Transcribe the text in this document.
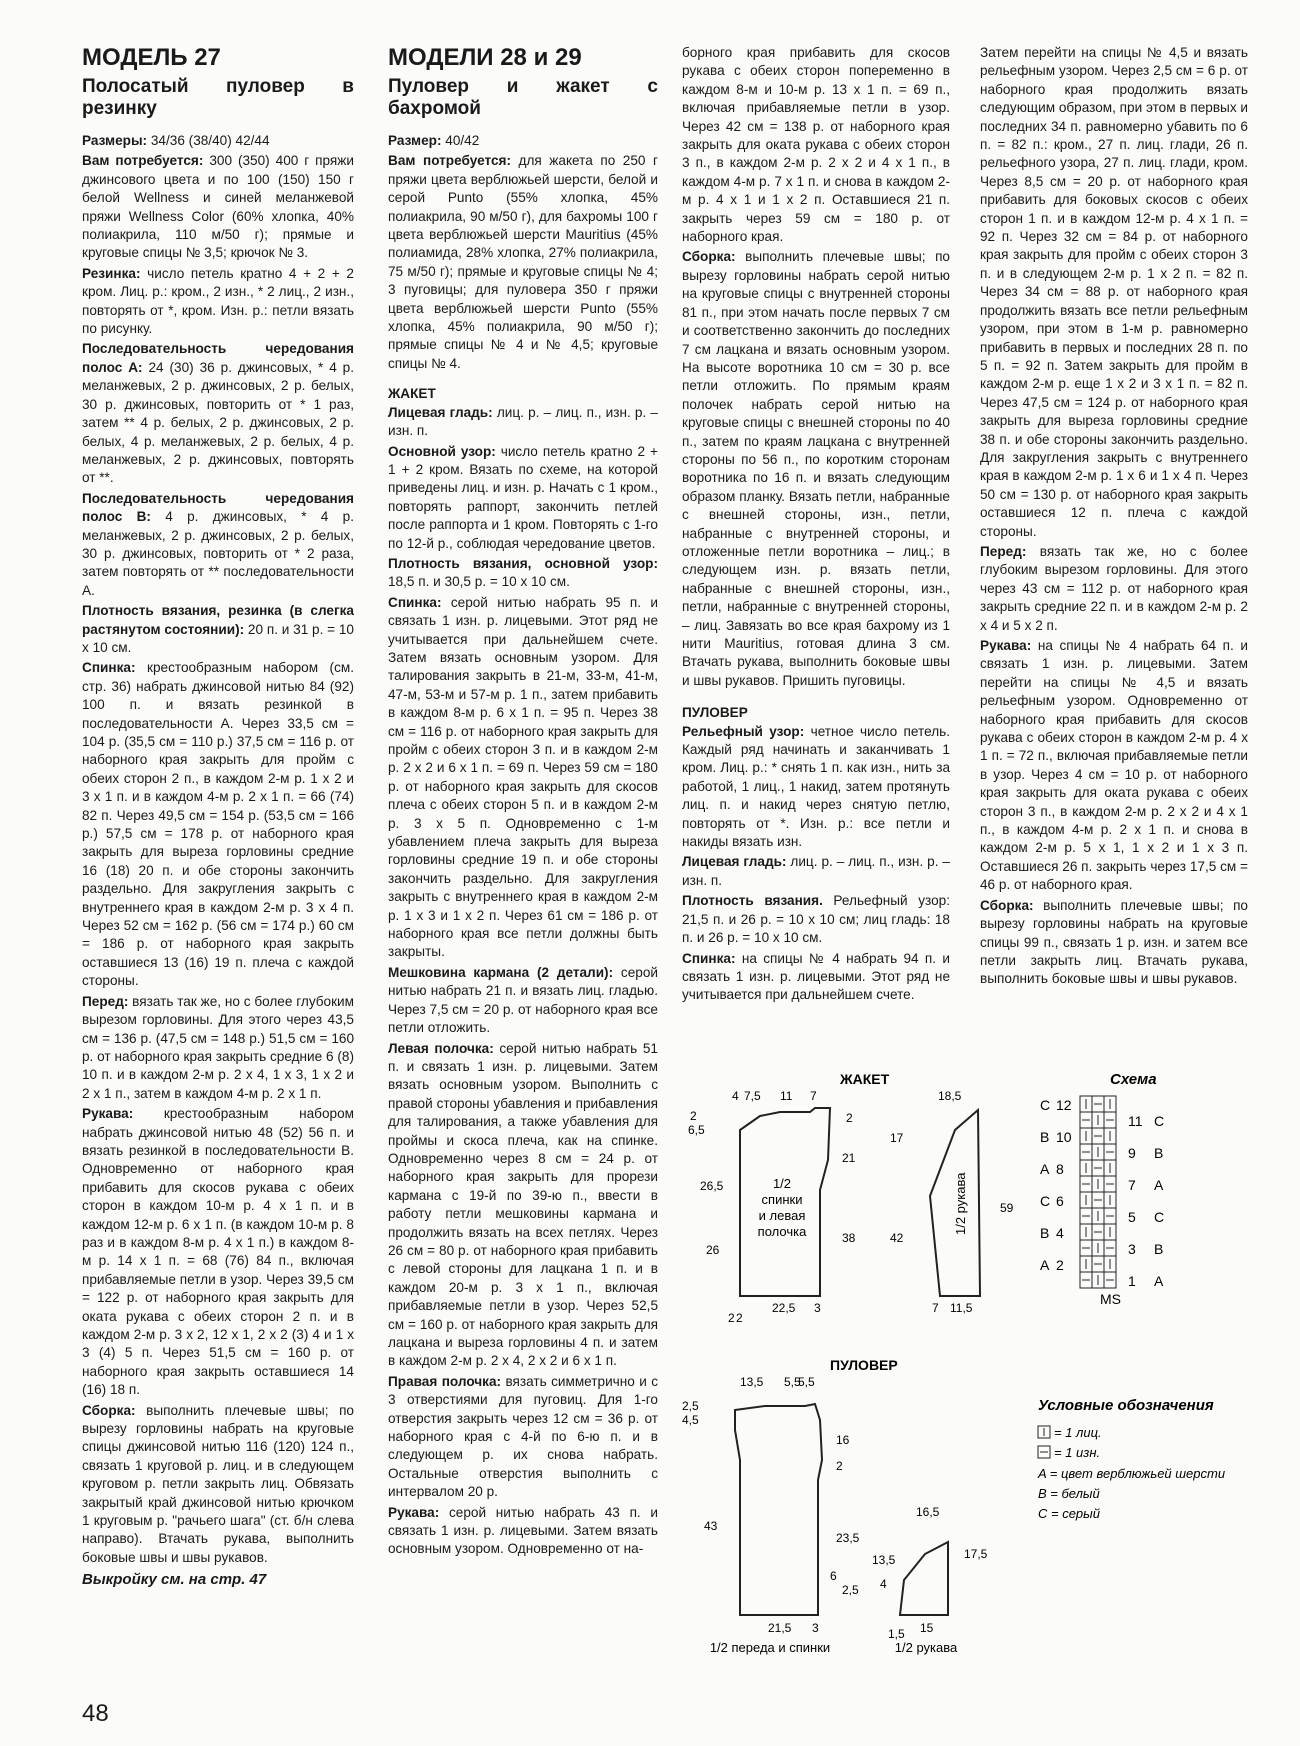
МОДЕЛЬ 27
Полосатый пуловер в резинку

Размеры: 34/36 (38/40) 42/44

Вам потребуется: 300 (350) 400 г пряжи джинсового цвета и по 100 (150) 150 г белой Wellness и синей меланжевой пряжи Wellness Color (60% хлопка, 40% полиакрила, 110 м/50 г); прямые и круговые спицы № 3,5; крючок № 3.

Резинка: число петель кратно 4 + 2 + 2 кром. Лиц. р.: кром., 2 изн., * 2 лиц., 2 изн., повторять от *, кром. Изн. р.: петли вязать по рисунку.

Последовательность чередования полос А: 24 (30) 36 р. джинсовых, * 4 р. меланжевых, 2 р. джинсовых, 2 р. белых, 30 р. джинсовых, повторить от * 1 раз, затем ** 4 р. белых, 2 р. джинсовых, 2 р. белых, 4 р. меланжевых, 2 р. белых, 4 р. меланжевых, 2 р. джинсовых, повторять от **.

Последовательность чередования полос В: 4 р. джинсовых, * 4 р. меланжевых, 2 р. джинсовых, 2 р. белых, 30 р. джинсовых, повторить от * 2 раза, затем повторять от ** последовательности А.

Плотность вязания, резинка (в слегка растянутом состоянии): 20 п. и 31 р. = 10 х 10 см.

Спинка: крестообразным набором (см. стр. 36) набрать джинсовой нитью 84 (92) 100 п. и вязать резинкой в последовательности А. Через 33,5 см = 104 р. (35,5 см = 110 р.) 37,5 см = 116 р. от наборного края закрыть для пройм с обеих сторон 2 п., в каждом 2-м р. 1 х 2 и 3 х 1 п. и в каждом 4-м р. 2 х 1 п. = 66 (74) 82 п. Через 49,5 см = 154 р. (53,5 см = 166 р.) 57,5 см = 178 р. от наборного края закрыть для выреза горловины средние 16 (18) 20 п. и обе стороны закончить раздельно. Для закругления закрыть с внутреннего края в каждом 2-м р. 3 х 4 п. Через 52 см = 162 р. (56 см = 174 р.) 60 см = 186 р. от наборного края закрыть оставшиеся 13 (16) 19 п. плеча с каждой стороны.

Перед: вязать так же, но с более глубоким вырезом горловины. Для этого через 43,5 см = 136 р. (47,5 см = 148 р.) 51,5 см = 160 р. от наборного края закрыть средние 6 (8) 10 п. и в каждом 2-м р. 2 х 4, 1 х 3, 1 х 2 и 2 х 1 п., затем в каждом 4-м р. 2 х 1 п.

Рукава: крестообразным набором набрать джинсовой нитью 48 (52) 56 п. и вязать резинкой в последовательности В. Одновременно от наборного края прибавить для скосов рукава с обеих сторон в каждом 10-м р. 4 х 1 п. и в каждом 12-м р. 6 х 1 п. (в каждом 10-м р. 8 раз и в каждом 8-м р. 4 х 1 п.) в каждом 8-м р. 14 х 1 п. = 68 (76) 84 п., включая прибавляемые петли в узор. Через 39,5 см = 122 р. от наборного края закрыть для оката рукава с обеих сторон 2 п. и в каждом 2-м р. 3 х 2, 12 х 1, 2 х 2 (3) 4 и 1 х 3 (4) 5 п. Через 51,5 см = 160 р. от наборного края закрыть оставшиеся 14 (16) 18 п.

Сборка: выполнить плечевые швы; по вырезу горловины набрать на круговые спицы джинсовой нитью 116 (120) 124 п., связать 1 круговой р. лиц. и в следующем круговом р. петли закрыть лиц. Обвязать закрытый край джинсовой нитью крючком 1 круговым р. "рачьего шага" (ст. б/н слева направо). Втачать рукава, выполнить боковые швы и швы рукавов.

Выкройку см. на стр. 47
МОДЕЛИ 28 и 29
Пуловер и жакет с бахромой

Размер: 40/42

Вам потребуется: для жакета по 250 г пряжи цвета верблюжьей шерсти, белой и серой Punto (55% хлопка, 45% полиакрила, 90 м/50 г), для бахромы 100 г цвета верблюжьей шерсти Mauritius (45% полиамида, 28% хлопка, 27% полиакрила, 75 м/50 г); прямые и круговые спицы № 4; 3 пуговицы; для пуловера 350 г пряжи цвета верблюжьей шерсти Punto (55% хлопка, 45% полиакрила, 90 м/50 г); прямые спицы № 4 и № 4,5; круговые спицы № 4.

ЖАКЕТ

Лицевая гладь: лиц. р. – лиц. п., изн. р. – изн. п.

Основной узор: число петель кратно 2 + 1 + 2 кром. Вязать по схеме, на которой приведены лиц. и изн. р. Начать с 1 кром., повторять раппорт, закончить петлей после раппорта и 1 кром. Повторять с 1-го по 12-й р., соблюдая чередование цветов.

Плотность вязания, основной узор: 18,5 п. и 30,5 р. = 10 х 10 см.

Спинка: серой нитью набрать 95 п. и связать 1 изн. р. лицевыми. Этот ряд не учитывается при дальнейшем счете. Затем вязать основным узором. Для талирования закрыть в 21-м, 33-м, 41-м, 47-м, 53-м и 57-м р. 1 п., затем прибавить в каждом 8-м р. 6 х 1 п. = 95 п. Через 38 см = 116 р. от наборного края закрыть для пройм с обеих сторон 3 п. и в каждом 2-м р. 2 х 2 и 6 х 1 п. = 69 п. Через 59 см = 180 р. от наборного края закрыть для скосов плеча с обеих сторон 5 п. и в каждом 2-м р. 3 х 5 п. Одновременно с 1-м убавлением плеча закрыть для выреза горловины средние 19 п. и обе стороны закончить раздельно. Для закругления закрыть с внутреннего края в каждом 2-м р. 1 х 3 и 1 х 2 п. Через 61 см = 186 р. от наборного края все петли должны быть закрыты.

Мешковина кармана (2 детали): серой нитью набрать 21 п. и вязать лиц. гладью. Через 7,5 см = 20 р. от наборного края все петли отложить.

Левая полочка: серой нитью набрать 51 п. и связать 1 изн. р. лицевыми. Затем вязать основным узором. Выполнить с правой стороны убавления и прибавления для талирования, а также убавления для проймы и скоса плеча, как на спинке. Одновременно через 8 см = 24 р. от наборного края закрыть для прорези кармана с 19-й по 39-ю п., ввести в работу петли мешковины кармана и продолжить вязать на всех петлях. Через 26 см = 80 р. от наборного края прибавить с левой стороны для лацкана 1 п. и в каждом 20-м р. 3 х 1 п., включая прибавляемые петли в узор. Через 52,5 см = 160 р. от наборного края закрыть для лацкана и выреза горловины 4 п. и затем в каждом 2-м р. 2 х 4, 2 х 2 и 6 х 1 п.

Правая полочка: вязать симметрично и с 3 отверстиями для пуговиц. Для 1-го отверстия закрыть через 12 см = 36 р. от наборного края с 4-й по 6-ю п. и в следующем р. их снова набрать. Остальные отверстия выполнить с интервалом 20 р.

Рукава: серой нитью набрать 43 п. и связать 1 изн. р. лицевыми. Затем вязать основным узором. Одновременно от на-

борного края прибавить для скосов рукава с обеих сторон попеременно в каждом 8-м и 10-м р. 13 х 1 п. = 69 п., включая прибавляемые петли в узор. Через 42 см = 138 р. от наборного края закрыть для оката рукава с обеих сторон 3 п., в каждом 2-м р. 2 х 2 и 4 х 1 п., в каждом 4-м р. 7 х 1 п. и снова в каждом 2-м р. 4 х 1 и 1 х 2 п. Оставшиеся 21 п. закрыть через 59 см = 180 р. от наборного края.

Сборка: выполнить плечевые швы; по вырезу горловины набрать серой нитью на круговые спицы с внутренней стороны 81 п., при этом начать после первых 7 см и соответственно закончить до последних 7 см лацкана и вязать основным узором. На высоте воротника 10 см = 30 р. все петли отложить. По прямым краям полочек набрать серой нитью на круговые спицы с внешней стороны по 40 п., затем по краям лацкана с внутренней стороны по 56 п., по коротким сторонам воротника по 16 п. и вязать следующим образом планку. Вязать петли, набранные с внешней стороны, изн., петли, набранные с внутренней стороны, и отложенные петли воротника – лиц.; в следующем изн. р. вязать петли, набранные с внешней стороны, изн., петли, набранные с внутренней стороны, – лиц. Завязать во все края бахрому из 1 нити Mauritius, готовая длина 3 см. Втачать рукава, выполнить боковые швы и швы рукавов. Пришить пуговицы.

ПУЛОВЕР

Рельефный узор: четное число петель. Каждый ряд начинать и заканчивать 1 кром. Лиц. р.: * снять 1 п. как изн., нить за работой, 1 лиц., 1 накид, затем протянуть лиц. п. и накид через снятую петлю, повторять от *. Изн. р.: все петли и накиды вязать изн.

Лицевая гладь: лиц. р. – лиц. п., изн. р. – изн. п.

Плотность вязания. Рельефный узор: 21,5 п. и 26 р. = 10 х 10 см; лиц гладь: 18 п. и 26 р. = 10 х 10 см.

Спинка: на спицы № 4 набрать 94 п. и связать 1 изн. р. лицевыми. Этот ряд не учитывается при дальнейшем счете.

Затем перейти на спицы № 4,5 и вязать рельефным узором. Через 2,5 см = 6 р. от наборного края продолжить вязать следующим образом, при этом в первых и последних 34 п. равномерно убавить по 6 п. = 82 п.: кром., 27 п. лиц. глади, 26 п. рельефного узора, 27 п. лиц. глади, кром. Через 8,5 см = 20 р. от наборного края прибавить для боковых скосов с обеих сторон 1 п. и в каждом 12-м р. 4 х 1 п. = 92 п. Через 32 см = 84 р. от наборного края закрыть для пройм с обеих сторон 3 п. и в следующем 2-м р. 1 х 2 п. = 82 п. Через 34 см = 88 р. от наборного края продолжить вязать все петли рельефным узором, при этом в 1-м р. равномерно прибавить в первых и последних 28 п. по 5 п. = 92 п. Затем закрыть для пройм в каждом 2-м р. еще 1 х 2 и 3 х 1 п. = 82 п. Через 47,5 см = 124 р. от наборного края закрыть для выреза горловины средние 38 п. и обе стороны закончить раздельно. Для закругления закрыть с внутреннего края в каждом 2-м р. 1 х 6 и 1 х 4 п. Через 50 см = 130 р. от наборного края закрыть оставшиеся 12 п. плеча с каждой стороны.

Перед: вязать так же, но с более глубоким вырезом горловины. Для этого через 43 см = 112 р. от наборного края закрыть средние 22 п. и в каждом 2-м р. 2 х 4 и 5 х 2 п.

Рукава: на спицы № 4 набрать 64 п. и связать 1 изн. р. лицевыми. Затем перейти на спицы № 4,5 и вязать рельефным узором. Одновременно от наборного края прибавить для скосов рукава с обеих сторон в каждом 2-м р. 4 х 1 п. = 72 п., включая прибавляемые петли в узор. Через 4 см = 10 р. от наборного края закрыть для оката рукава с обеих сторон 3 п., в каждом 2-м р. 2 х 2 и 4 х 1 п., в каждом 4-м р. 2 х 1 п. и снова в каждом 2-м р. 5 х 1, 1 х 2 и 1 х 3 п. Оставшиеся 26 п. закрыть через 17,5 см = 46 р. от наборного края.

Сборка: выполнить плечевые швы; по вырезу горловины набрать на круговые спицы 99 п., связать 1 р. изн. и затем все петли закрыть лиц. Втачать рукава, выполнить боковые швы и швы рукавов.

ЖАКЕТ
4 7,5 11 7
2
6,5
26,5
26
21
38
2
2 2
22,5 3
1/2
спинки
и левая
полочка
18,5
17
42
59
7 11,5
1/2 рукава
ПУЛОВЕР
13,5 5,5
5,5
2,5
4,5
16
2
43
23,5
6
2,5
21,5 3
1/2 переда и спинки
16,5
13,5
4
17,5
1,5 15
1/2 рукава
Схема
C 12
B 10
A 8
C 6
B 4
A 2
11 C
9 B
7 A
5 C
3 B
1 A
MS
Условные обозначения
= 1 лиц.
= 1 изн.
A = цвет верблюжьей шерсти
B = белый
C = серый
48
